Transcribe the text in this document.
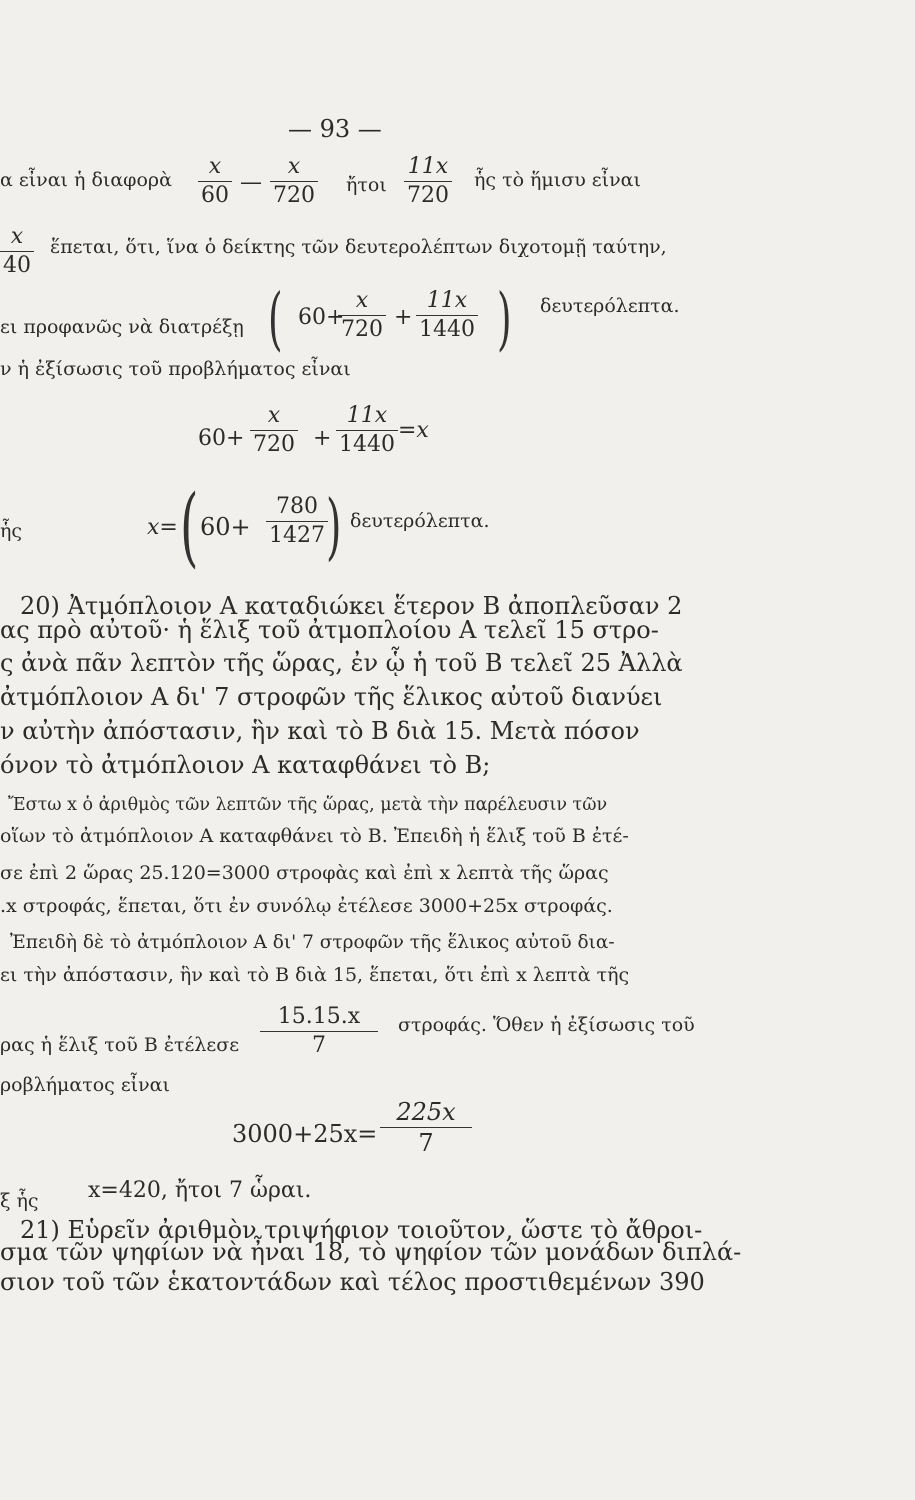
— 93 —
α εἶναι ἡ διαφορὰ $\frac{x}{60}$ — $\frac{x}{720}$ ἤτοι $\frac{11x}{720}$ ἧς τὸ ἥμισυ εἶναι
$\frac{x}{40}$ ἕπεται, ὅτι, ἵνα ὁ δείκτης τῶν δευτερολέπτων διχοτομῇ ταύτην,
ει προφανῶς νὰ διατρέξῃ ( 60+
$\frac{x}{720} + \frac{11x}{1440}$ ) δευτερόλεπτα.
ν ἡ ἐξίσωσις τοῦ προβλήματος εἶναι
$60+ \frac{x}{720} + \frac{11x}{1440} =x$
ἧς	x= ( $60+ \frac{780}{1427}$
) δευτερόλεπτα.
20) Ἀτμόπλοιον Α καταδιώκει ἕτερον Β ἀποπλεῦσαν 2
ας πρὸ αὐτοῦ· ἡ ἕλιξ τοῦ ἀτμοπλοίου Α τελεῖ 15 στρο-
ς ἀνὰ πᾶν λεπτὸν τῆς ὥρας, ἐν ᾧ ἡ τοῦ Β τελεῖ 25 Ἀλλὰ
ἀτμόπλοιον Α δι' 7 στροφῶν τῆς ἕλικος αὐτοῦ διανύει
ν αὐτὴν ἀπόστασιν, ἣν καὶ τὸ Β διὰ 15. Μετὰ πόσον
όνον τὸ ἀτμόπλοιον Α καταφθάνει τὸ Β;
Ἔστω x ὁ ἀριθμὸς τῶν λεπτῶν τῆς ὥρας, μετὰ τὴν παρέλευσιν τῶν
οἵων τὸ ἀτμόπλοιον Α καταφθάνει τὸ Β. Ἐπειδὴ ἡ ἕλιξ τοῦ Β ἐτέ-
σε ἐπὶ 2 ὥρας 25.120=3000 στροφὰς καὶ ἐπὶ x λεπτὰ τῆς ὥρας
.x στροφάς, ἕπεται, ὅτι ἐν συνόλῳ ἐτέλεσε 3000+25x στροφάς.
Ἐπειδὴ δὲ τὸ ἀτμόπλοιον Α δι' 7 στροφῶν τῆς ἕλικος αὐτοῦ δια-
ει τὴν ἀπόστασιν, ἣν καὶ τὸ Β διὰ 15, ἕπεται, ὅτι ἐπὶ x λεπτὰ τῆς
ρας ἡ ἕλιξ τοῦ Β ἐτέλεσε $\frac{15.15.x}{7} \sigma\tau\rho o\varphi ά\varsigma$. Ὅθεν ἡ ἐξίσωσις τοῦ
ροβλήματος εἶναι
$3000+25x= \frac{225x}{7}$
ξ ἧς x=420, ἤτοι 7 ὧραι.
21) Εὑρεῖν ἀριθμὸν τριψήφιον τοιοῦτον, ὥστε τὸ ἄθροι-
σμα τῶν ψηφίων νὰ ἦναι 18, τὸ ψηφίον τῶν μονάδων διπλά-
σιον τοῦ τῶν ἑκατοντάδων καὶ τέλος προστιθεμένων 390
